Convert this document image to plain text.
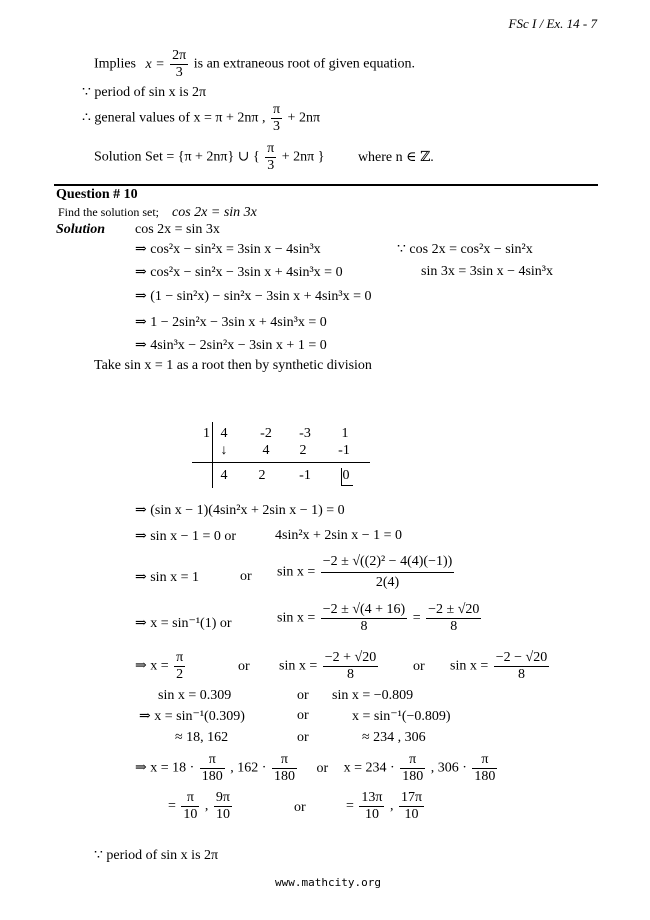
FSc I / Ex. 14 - 7
Implies $x = \frac{2\pi}{3}$ is an extraneous root of given equation.
∵ period of sin x is 2π
∴ general values of x = π + 2nπ , $\frac{\pi}{3} + 2n\pi$
Solution Set = {π + 2nπ} ∪ { $\frac{\pi}{3} + 2n\pi$ } where n ∈ ℤ.
Question # 10
Find the solution set; cos 2x = sin 3x
Solution cos 2x = sin 3x
⇒ cos²x − sin²x = 3sin x − 4sin³x	∵ cos 2x = cos²x − sin²x
⇒ cos²x − sin²x − 3sin x + 4sin³x = 0	sin 3x = 3sin x − 4sin³x
⇒ (1 − sin²x) − sin²x − 3sin x + 4sin³x = 0
⇒ 1 − 2sin²x − 3sin x + 4sin³x = 0
⇒ 4sin³x − 2sin²x − 3sin x + 1 = 0
Take sin x = 1 as a root then by synthetic division
1 4	-2	-3	1
↓	4	2	-1
4	2	-1	0
⇒ (sin x − 1)(4sin²x + 2sin x − 1) = 0
⇒ sin x − 1 = 0 or	4sin²x + 2sin x − 1 = 0
⇒ sin x = 1	or $\sin x = \frac{\text{−2 ± √((2)² − 4(4)(−1))}}{2(4)}$
⇒ x = sin⁻¹(1) or	$\sin x = \frac{-2 \pm √(4 + 16)}{8} = \frac{-2 \pm √20}{8}$
⇒ $x = \frac{\pi}{2}$	or $\sin x = \frac{-2 + √20}{8}$ or $\sin x = \frac{-2 - √20}{8}$
sin x = 0.309	or sin x = −0.809
⇒ x = sin⁻¹(0.309)	or	x = sin⁻¹(−0.809)
≈ 18, 162	or	≈ 234 , 306
⇒ $x = 18 \cdot \frac{\pi}{180}$ , $162 \cdot \frac{\pi}{180}$ or $x = 234 \cdot \frac{\pi}{180}$ , $306 \cdot \frac{\pi}{180}$
= $\frac{\pi}{10}$ , $\frac{9\pi}{10}$	or	= $\frac{13\pi}{10}$ , $\frac{17\pi}{10}$
∵ period of sin x is 2π
www.mathcity.org
